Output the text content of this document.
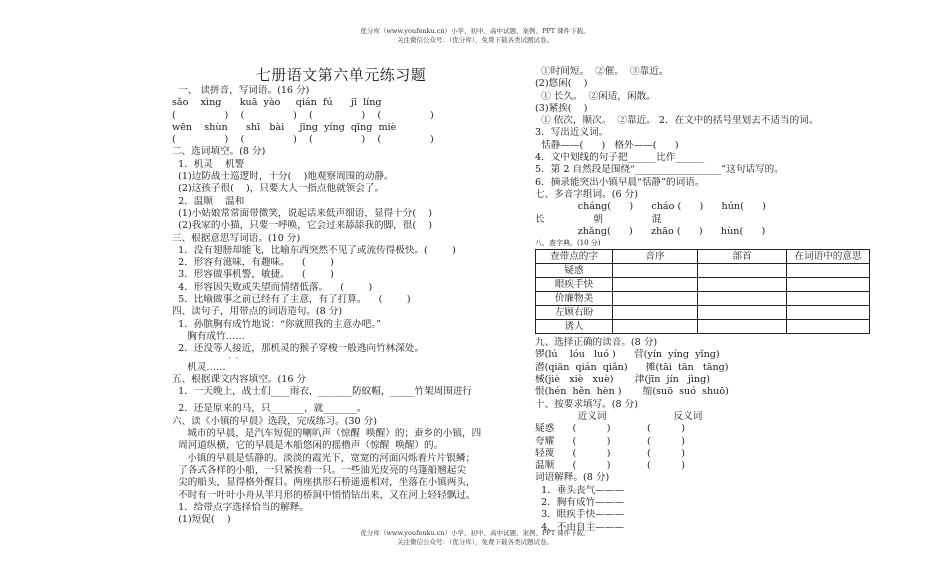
优分库（www.youfenku.cn）小学、初中、高中试题、案例、PPT 课件下载。
关注微信公众号：（优分库），免费下载各类试题试卷。
七册语文第六单元练习题
一、 读拼音，写词语。(16 分)
sǎo    xìng      kuā  yào     qián  fú      jī  líng
(                )    (                )    (                )    (                )
wēn    shùn      shī   bài     jīng  yíng  qīng  miè
(                )    (                )    (                )    (                )
二、选词填空。(8 分)
1．机灵    机警
(1)边防战士巡逻时，十分(    )地观察周围的动静。
(2)这孩子很(    )，只要大人一指点他就领会了。
2．温顺    温和
(1)小姑娘常常面带微笑，说起话来低声细语，显得十分(    )
(2)我家的小猫，只要一呼唤，它会过来舔舔我的脚，很(    )
三、根据意思写词语。(10 分)
1．没有翅膀却能飞，比喻东西突然不见了或流传得极快。(        )
2．形容有滋味，有趣味。    (        )
3．形容做事机警，敏捷。    (        )
4．形容因失败或失望而情绪低落。    (        )
5．比喻做事之前已经有了主意，有了打算。    (        )
四、读句子，用带点的词语造句。(8 分)
1．孙膑胸有成竹地说：“你就照我的主意办吧。”
胸有成竹……
2．还没等人接近，那机灵的猴子穿梭一般逃向竹林深处。
·  ·
机灵……
五、根据课文内容填空。(16 分
1．一天晚上，战士们____雨衣，_______防蚊帽，_____竹架周围进行
2．还是原来的马，只_______，就_______。
六、读《小镇的早晨》选段，完成练习。(30 分)
城市的早晨，是汽车短促的喇叭声（惊醒  唤醒）的；蚕乡的小镇，四
周河道纵横，它的早晨是木船悠闲的摇橹声（惊醒  唤醒）的。
小镇的早晨是恬静的。淡淡的霞光下，宽宽的河面闪烁着片片银鳞；
了各式各样的小船，一只紧挨着一只。一些油光皮亮的乌篷船翘起尖
尖的船头，显得格外醒目。两座拱形石桥遥遥相对，坐落在小镇两头，
不时有一叶叶小舟从半月形的桥洞中悄悄钻出来，又在河上轻轻飘过。
1．给带点字选择恰当的解释。
(1)短促(    )
①时间短。  ②催。  ③靠近。
(2)悠闲(    )
① 长久。  ②闲适，闲散。
(3)紧挨(    )
① 依次，顺次。  ②靠近。 2．在文中的括号里划去不适当的词。
3．写出近义词。
恬静——(      )   格外——(      )
4．文中划线的句子把______比作______
5．第 2 自然段是围绕“__________________”这句话写的。
6．摘录能突出小镇早晨“恬静”的词语。
七、多音字组词。(6 分)
cháng(      )      cháo (      )      hún(      )
长                朝                混
zhǎng(      )      zhāo (      )      hùn(      )
八、查字典。(10 分)
查带点的字	音序	部首	在词语中的意思
疑惑			
眼疾手快			
价廉物美			
左顾右盼			
诱人			
九、选择正确的读音。(8 分)
锣(lú    lóu   luó )      营(yín  yíng  yǐng)
潜(qiān  qián  qiǎn)      摊(tāi  tān   tāng)
械(jiè   xiè   xuè)       津(jīn  jín   jìng)
恨(hén  hěn  hèn )       缩(suō  suó  shuō)
十、按要求填写。(8 分)
近义词                      反义词
疑惑      (          )            (          )
夸耀      (          )            (          )
轻蔑      (          )            (          )
温顺      (          )            (          )
词语解释。(8 分)
1．垂头丧气———
2．胸有成竹———
3．眼疾手快———
4．不由自主———
优分库（www.youfenku.cn）小学、初中、高中试题、案例、PPT 课件下载。
关注微信公众号：（优分库），免费下载各类试题试卷。
